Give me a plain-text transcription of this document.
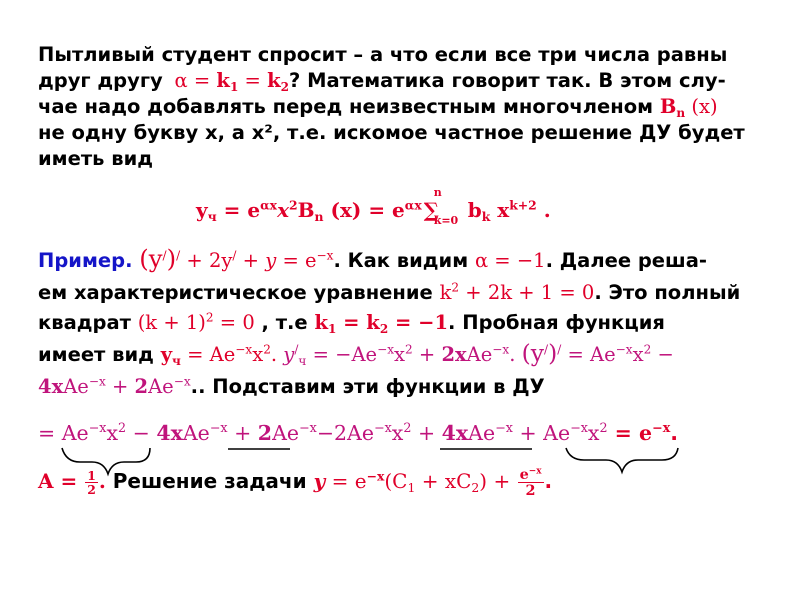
Пытливый студент спросит – а что если все три числа равны
друг другу $\alpha = k_1 = k_2$? Математика говорит так. В этом слу-
чае надо добавлять перед неизвестным многочленом $B_n$ (x)
не одну букву х, а х², т.е. искомое частное решение ДУ будет
иметь вид
$y_ч = e^{\alpha x}x^2B_n$ $(x) = e^{\alpha x}$ ∑
n
k=0 $b_k$ $x^{k+2}$ .
Пример. $(y^/)^/ + 2y^/ + y = e^{-x}$. Как видим α = −1. Далее реша-
ем характеристическое уравнение $k^2 + 2k + 1 = 0$. Это полный
квадрат $(k + 1)^2 = 0$ , т.е $k_1 = k_2 = -1$. Пробная функция
имеет вид $y_ч = Ae^{-x}x^2$. $y^/_ч = -Ae^{-x}x^2 + 2xAe^{-x}$. $(y^/)^/ = Ae^{-x}x^2$ −
$4xAe^{-x} + 2Ae^{-x}$.. Подставим эти функции в ДУ
= $Ae^{-x}x^2 - 4xAe^{-x} + 2Ae^{-x}-2Ae^{-x}x^2 + 4xAe^{-x} + Ae^{-x}x^2 = e^{-x}$.
$A = \frac{1}{2}$ . Решение задачи $y = e^{-x}(C_1 + xC_2) + \frac{e^{-x}}{2}$ .
